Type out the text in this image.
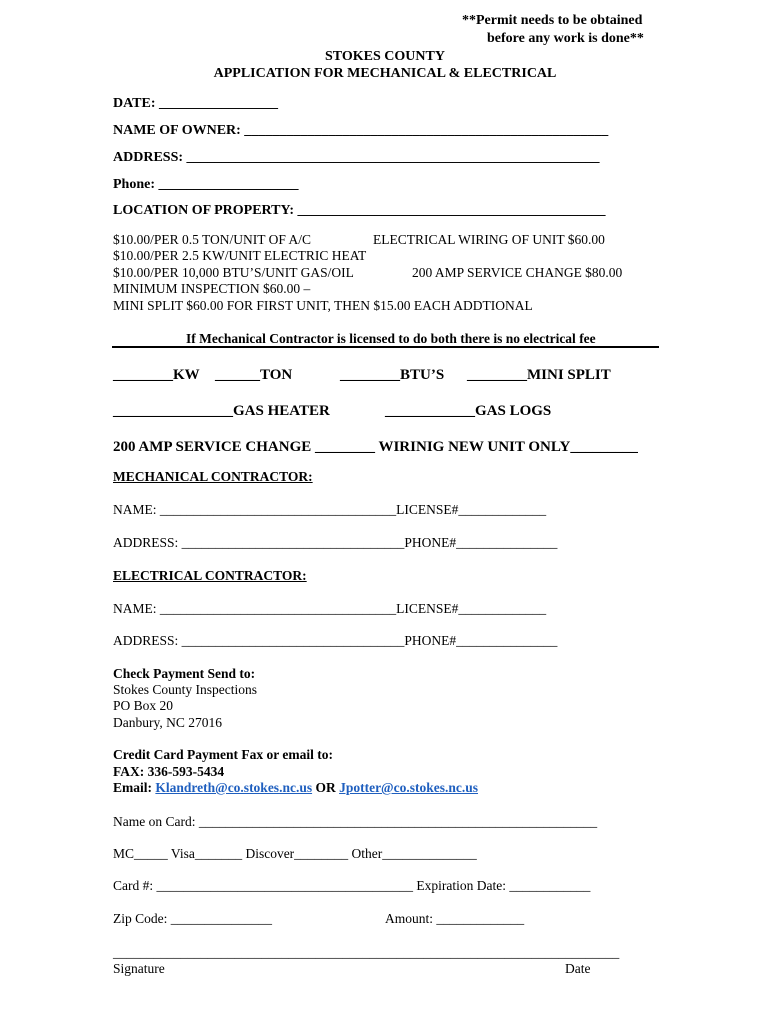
**Permit needs to be obtained
before any work is done**
STOKES COUNTY
APPLICATION FOR MECHANICAL & ELECTRICAL
DATE: _________________
NAME OF OWNER: ____________________________________________________
ADDRESS: ___________________________________________________________
Phone: ____________________
LOCATION OF PROPERTY: ____________________________________________
$10.00/PER 0.5 TON/UNIT OF A/C	ELECTRICAL WIRING OF UNIT $60.00
$10.00/PER 2.5 KW/UNIT ELECTRIC HEAT
$10.00/PER 10,000 BTU’S/UNIT GAS/OIL	200 AMP SERVICE CHANGE $80.00
MINIMUM INSPECTION $60.00 –
MINI SPLIT $60.00 FOR FIRST UNIT, THEN $15.00 EACH ADDTIONAL
If Mechanical Contractor is licensed to do both there is no electrical fee
________KW ______TON	________BTU’S ________MINI SPLIT
________________GAS HEATER	____________GAS LOGS
200 AMP SERVICE CHANGE ________ WIRINIG NEW UNIT ONLY_________
MECHANICAL CONTRACTOR:
NAME: ___________________________________LICENSE#_____________
ADDRESS: _________________________________PHONE#_______________
ELECTRICAL CONTRACTOR:
NAME: ___________________________________LICENSE#_____________
ADDRESS: _________________________________PHONE#_______________
Check Payment Send to:
Stokes County Inspections
PO Box 20
Danbury, NC 27016
Credit Card Payment Fax or email to:
FAX: 336-593-5434
Email: Klandreth@co.stokes.nc.us OR Jpotter@co.stokes.nc.us
Name on Card: ___________________________________________________________
MC_____ Visa_______ Discover________ Other______________
Card #: ______________________________________ Expiration Date: ____________
Zip Code: _______________	Amount: _____________
___________________________________________________________________________
Signature	Date
